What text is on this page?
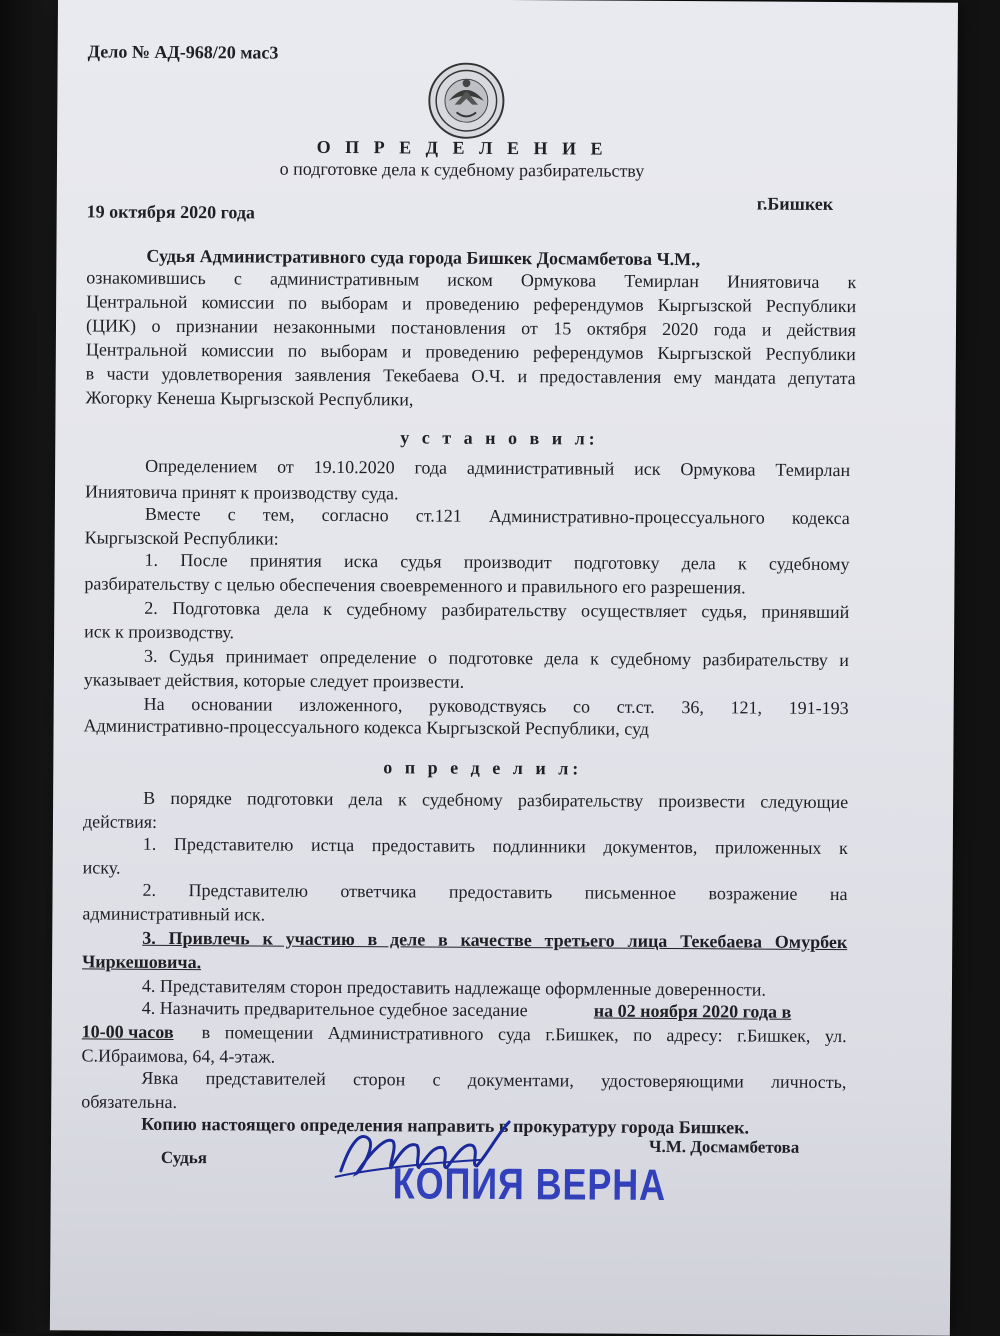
Дело № АД-968/20 мас3
О П Р Е Д Е Л Е Н И Е
о подготовке дела к судебному разбирательству
19 октября 2020 года	г.Бишкек
Судья Административного суда города Бишкек Досмамбетова Ч.М.,
ознакомившись с административным иском Ормукова Темирлан Иниятовича к
Центральной комиссии по выборам и проведению референдумов Кыргызской Республики
(ЦИК) о признании незаконными постановления от 15 октября 2020 года и действия
Центральной комиссии по выборам и проведению референдумов Кыргызской Республики
в части удовлетворения заявления Текебаева О.Ч. и предоставления ему мандата депутата
Жогорку Кенеша Кыргызской Республики,
у с т а н о в и л:
Определением от 19.10.2020 года административный иск Ормукова Темирлан
Иниятовича принят к производству суда.
Вместе с тем, согласно ст.121 Административно-процессуального кодекса
Кыргызской Республики:
1. После принятия иска судья производит подготовку дела к судебному
разбирательству с целью обеспечения своевременного и правильного его разрешения.
2. Подготовка дела к судебному разбирательству осуществляет судья, принявший
иск к производству.
3. Судья принимает определение о подготовке дела к судебному разбирательству и
указывает действия, которые следует произвести.
На основании изложенного, руководствуясь со ст.ст. 36, 121, 191-193
Административно-процессуального кодекса Кыргызской Республики, суд
о п р е д е л и л:
В порядке подготовки дела к судебному разбирательству произвести следующие
действия:
1. Представителю истца предоставить подлинники документов, приложенных к
иску.
2. Представителю ответчика предоставить письменное возражение на
административный иск.
3. Привлечь к участию в деле в качестве третьего лица Текебаева Омурбек
Чиркешовича.
4. Представителям сторон предоставить надлежаще оформленные доверенности.
4. Назначить предварительное судебное заседание	на 02 ноября 2020 года в
10-00 часов в помещении Административного суда г.Бишкек, по адресу: г.Бишкек, ул.
С.Ибраимова, 64, 4-этаж.
Явка представителей сторон с документами, удостоверяющими личность,
обязательна.
Копию настоящего определения направить в прокуратуру города Бишкек.
Судья
Ч.М. Досмамбетова
КОПИЯ ВЕРНА
